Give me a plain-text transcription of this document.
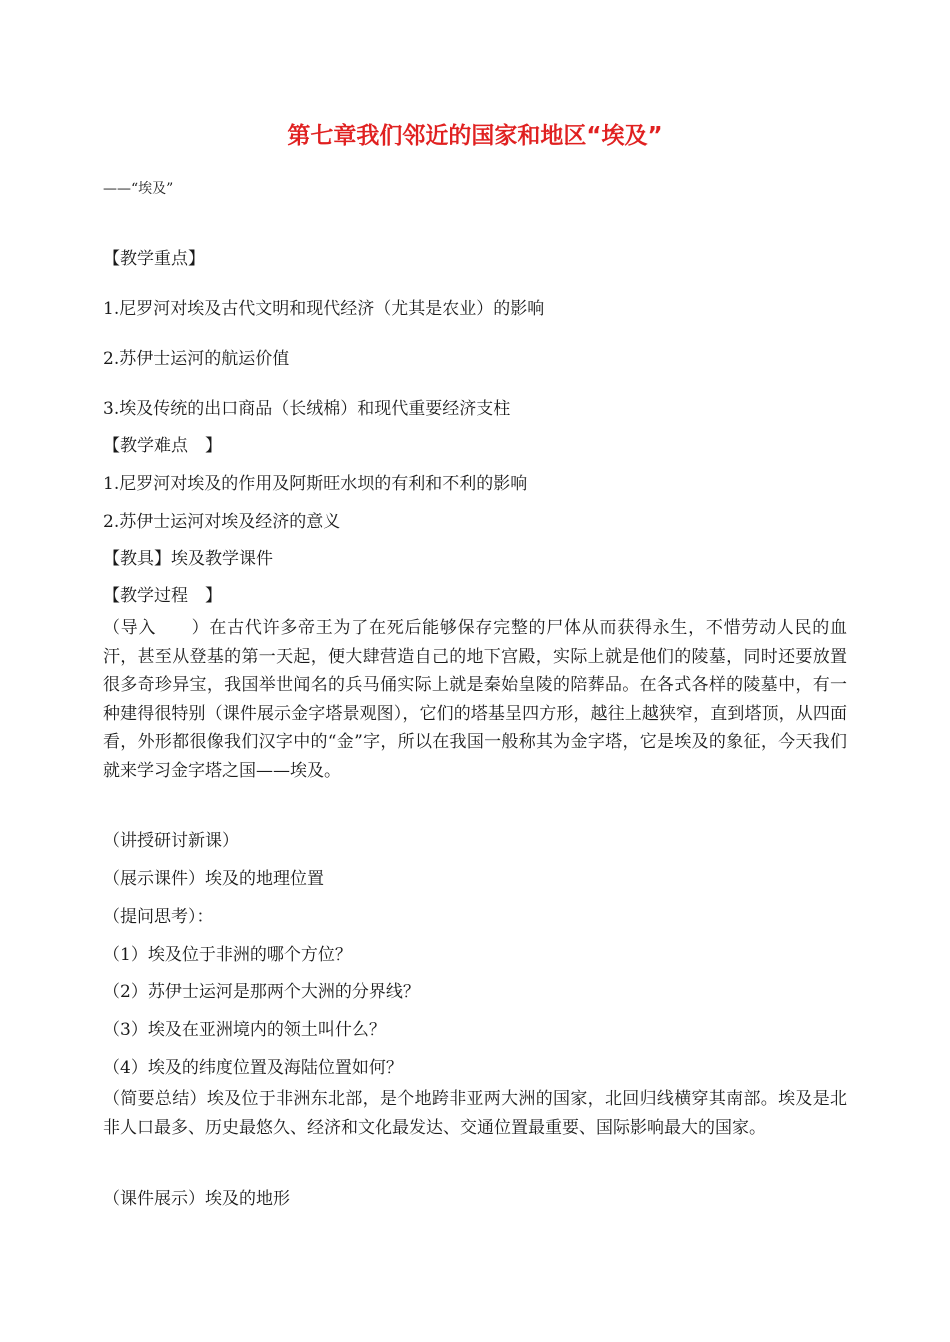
第七章我们邻近的国家和地区“埃及”
——“埃及”
【教学重点】
1.尼罗河对埃及古代文明和现代经济（尤其是农业）的影响
2.苏伊士运河的航运价值
3.埃及传统的出口商品（长绒棉）和现代重要经济支柱
【教学难点　】
1.尼罗河对埃及的作用及阿斯旺水坝的有利和不利的影响
2.苏伊士运河对埃及经济的意义
【教具】埃及教学课件
【教学过程　】
（导入　　）在古代许多帝王为了在死后能够保存完整的尸体从而获得永生，不惜劳动人民的血汗，甚至从登基的第一天起，便大肆营造自己的地下宫殿，实际上就是他们的陵墓，同时还要放置很多奇珍异宝，我国举世闻名的兵马俑实际上就是秦始皇陵的陪葬品。在各式各样的陵墓中，有一种建得很特别（课件展示金字塔景观图），它们的塔基呈四方形，越往上越狭窄，直到塔顶，从四面看，外形都很像我们汉字中的“金”字，所以在我国一般称其为金字塔，它是埃及的象征，今天我们就来学习金字塔之国——埃及。
（讲授研讨新课）
（展示课件）埃及的地理位置
（提问思考）：
（1）埃及位于非洲的哪个方位？
（2）苏伊士运河是那两个大洲的分界线？
（3）埃及在亚洲境内的领土叫什么？
（4）埃及的纬度位置及海陆位置如何？
（简要总结）埃及位于非洲东北部，是个地跨非亚两大洲的国家，北回归线横穿其南部。埃及是北非人口最多、历史最悠久、经济和文化最发达、交通位置最重要、国际影响最大的国家。
（课件展示）埃及的地形
